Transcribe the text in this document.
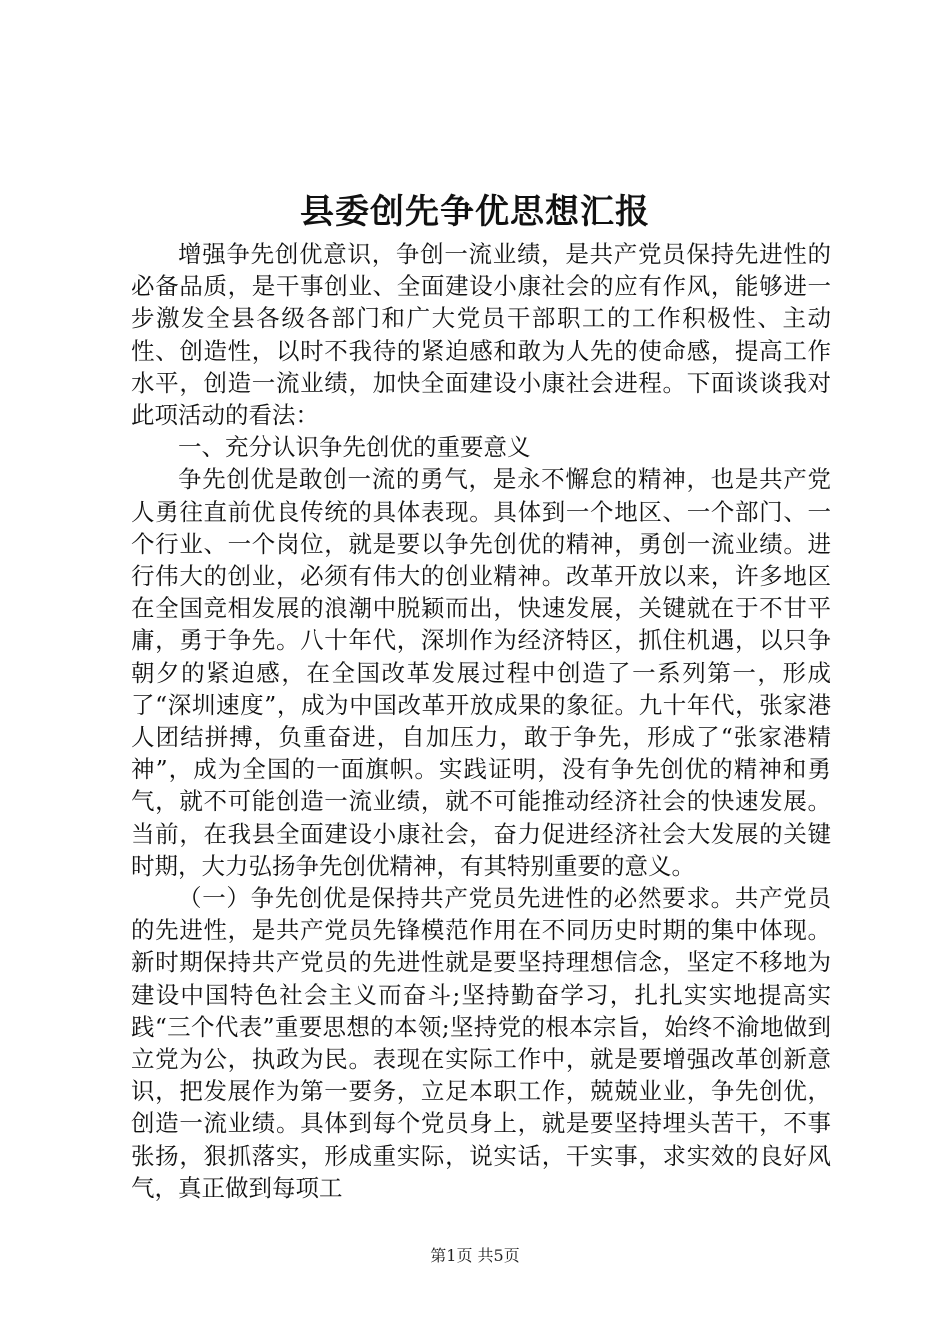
县委创先争优思想汇报

增强争先创优意识，争创一流业绩，是共产党员保持先进性的必备品质，是干事创业、全面建设小康社会的应有作风，能够进一步激发全县各级各部门和广大党员干部职工的工作积极性、主动性、创造性，以时不我待的紧迫感和敢为人先的使命感，提高工作水平，创造一流业绩，加快全面建设小康社会进程。下面谈谈我对此项活动的看法：

一、充分认识争先创优的重要意义

争先创优是敢创一流的勇气，是永不懈怠的精神，也是共产党人勇往直前优良传统的具体表现。具体到一个地区、一个部门、一个行业、一个岗位，就是要以争先创优的精神，勇创一流业绩。进行伟大的创业，必须有伟大的创业精神。改革开放以来，许多地区在全国竞相发展的浪潮中脱颖而出，快速发展，关键就在于不甘平庸，勇于争先。八十年代，深圳作为经济特区，抓住机遇，以只争朝夕的紧迫感，在全国改革发展过程中创造了一系列第一，形成了“深圳速度”，成为中国改革开放成果的象征。九十年代，张家港人团结拼搏，负重奋进，自加压力，敢于争先，形成了“张家港精神”，成为全国的一面旗帜。实践证明，没有争先创优的精神和勇气，就不可能创造一流业绩，就不可能推动经济社会的快速发展。当前，在我县全面建设小康社会，奋力促进经济社会大发展的关键时期，大力弘扬争先创优精神，有其特别重要的意义。

（一）争先创优是保持共产党员先进性的必然要求。共产党员的先进性，是共产党员先锋模范作用在不同历史时期的集中体现。新时期保持共产党员的先进性就是要坚持理想信念，坚定不移地为建设中国特色社会主义而奋斗;坚持勤奋学习，扎扎实实地提高实践“三个代表”重要思想的本领;坚持党的根本宗旨，始终不渝地做到立党为公，执政为民。表现在实际工作中，就是要增强改革创新意识，把发展作为第一要务，立足本职工作，兢兢业业，争先创优，创造一流业绩。具体到每个党员身上，就是要坚持埋头苦干，不事张扬，狠抓落实，形成重实际，说实话，干实事，求实效的良好风气，真正做到每项工

第1页 共5页
